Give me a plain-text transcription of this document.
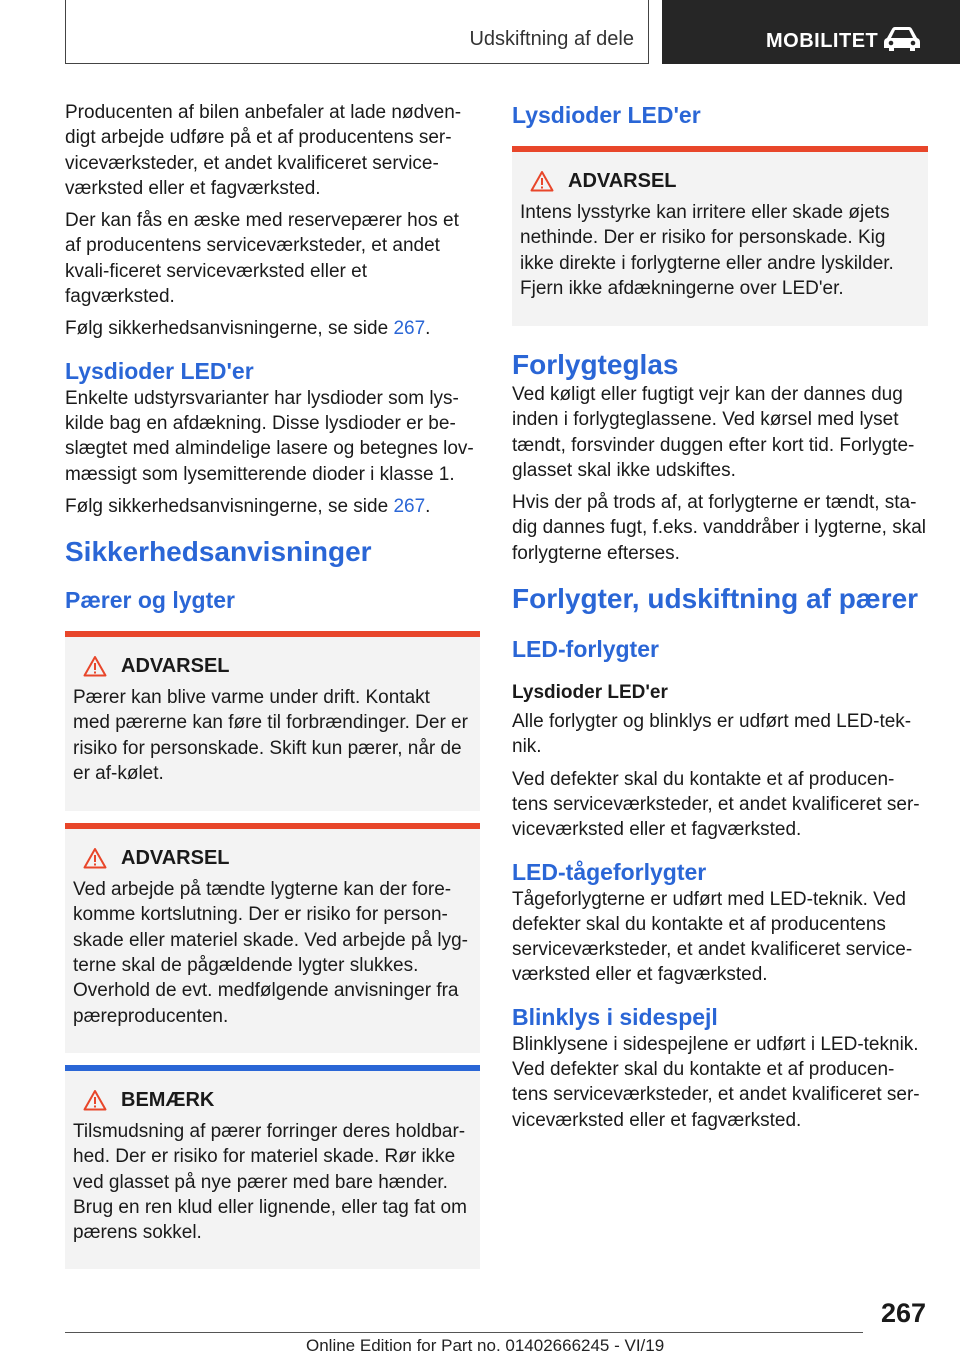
Udskiftning af dele	MOBILITET

Producenten af bilen anbefaler at lade nødven-digt arbejde udføre på et af producentens ser-viceværksteder, et andet kvalificeret service-værksted eller et fagværksted.

Der kan fås en æske med reservepærer hos et af producentens serviceværksteder, et andet kvali-ficeret serviceværksted eller et fagværksted.

Følg sikkerhedsanvisningerne, se side 267.

Lysdioder LED'er

Enkelte udstyrsvarianter har lysdioder som lys-kilde bag en afdækning. Disse lysdioder er be-slægtet med almindelige lasere og betegnes lov-mæssigt som lysemitterende dioder i klasse 1.

Følg sikkerhedsanvisningerne, se side 267.

Sikkerhedsanvisninger
Pærer og lygter
ADVARSEL

Pærer kan blive varme under drift. Kontakt med pærerne kan føre til forbrændinger. Der er risiko for personskade. Skift kun pærer, når de er af-kølet.

ADVARSEL

Ved arbejde på tændte lygterne kan der fore-komme kortslutning. Der er risiko for person-skade eller materiel skade. Ved arbejde på lyg-terne skal de pågældende lygter slukkes. Overhold de evt. medfølgende anvisninger fra pæreproducenten.

BEMÆRK

Tilsmudsning af pærer forringer deres holdbar-hed. Der er risiko for materiel skade. Rør ikke ved glasset på nye pærer med bare hænder. Brug en ren klud eller lignende, eller tag fat om pærens sokkel.

Lysdioder LED'er
ADVARSEL

Intens lysstyrke kan irritere eller skade øjets nethinde. Der er risiko for personskade. Kig ikke direkte i forlygterne eller andre lyskilder. Fjern ikke afdækningerne over LED'er.

Forlygteglas

Ved køligt eller fugtigt vejr kan der dannes dug inden i forlygteglassene. Ved kørsel med lyset tændt, forsvinder duggen efter kort tid. Forlygte-glasset skal ikke udskiftes.

Hvis der på trods af, at forlygterne er tændt, sta-dig dannes fugt, f.eks. vanddråber i lygterne, skal forlygterne efterses.

Forlygter, udskiftning af pærer
LED-forlygter
Lysdioder LED'er

Alle forlygter og blinklys er udført med LED-tek-nik.

Ved defekter skal du kontakte et af producen-tens serviceværksteder, et andet kvalificeret ser-viceværksted eller et fagværksted.

LED-tågeforlygter

Tågeforlygterne er udført med LED-teknik. Ved defekter skal du kontakte et af producentens serviceværksteder, et andet kvalificeret service-værksted eller et fagværksted.

Blinklys i sidespejl

Blinklysene i sidespejlene er udført i LED-teknik. Ved defekter skal du kontakte et af producen-tens serviceværksteder, et andet kvalificeret ser-viceværksted eller et fagværksted.

267
Online Edition for Part no. 01402666245 - VI/19
